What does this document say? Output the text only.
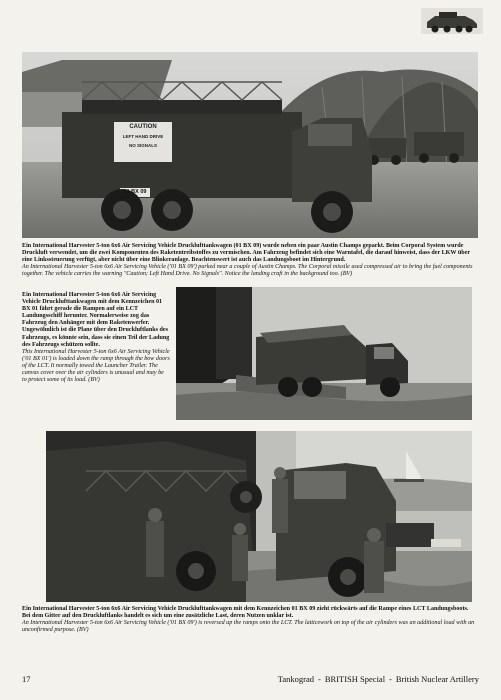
CAUTION
LEFT HAND DRIVE
NO SIGNALS
01 BX 09
Ein International Harvester 5-ton 6x6 Air Servicing Vehicle Drucklufttankwagen (01 BX 09) wurde neben ein paar Austin Champs geparkt. Beim Corporal System wurde Druckluft verwendet, um die zwei Komponenten des Raketentreibstoffes zu vermischen. Am Fahrzeug befindet sich eine Warntafel, die darauf hinweist, dass der LKW über eine Linkssteuerung verfügt, aber nicht über eine Blinkeranlage. Beachtenswert ist auch das Landungsboot im Hintergrund.
An International Harvester 5-ton 6x6 Air Servicing Vehicle ('01 BX 09') parked near a couple of Austin Champs. The Corporal missile used compressed air to bring the fuel components together. The vehicle carries the warning "Caution; Left Hand Drive. No Signals". Notice the landing craft in the background too. (BV)
Ein International Harvester 5-ton 6x6 Air Servicing Vehicle Drucklufttankwagen mit dem Kennzeichen 01 BX 01 fährt gerade die Rampen auf ein LCT Landungsschiff herunter. Normalerweise zog das Fahrzeug den Anhänger mit dem Raketenwerfer. Ungewöhnlich ist die Plane über den Druckluftlanks des Fahrzeugs, es könnte sein, dass sie einen Teil der Ladung des Fahrzeugs schützen sollte.
This International Harvester 5-ton 6x6 Air Servicing Vehicle ('01 BX 01') is loaded down the ramp through the bow doors of the LCT. It normally towed the Launcher Trailer. The canvas cover over the air cylinders is unusual and may be to protect some of its load. (BV)
Ein International Harvester 5-ton 6x6 Air Servicing Vehicle Drucklufttankwagen mit dem Kennzeichen 01 BX 09 zieht rückwärts auf die Rampe eines LCT Landungsboots. Bei dem Gitter auf den Druckluftlanks handelt es sich um eine zusätzliche Last, deren Nutzen unklar ist.
An International Harvester 5-ton 6x6 Air Servicing Vehicle ('01 BX 09') is reversed up the ramps onto the LCT. The latticework on top of the air cylinders was an additional load with an unconfirmed purpose. (BV)
17	Tankograd - BRITISH Special - British Nuclear Artillery
